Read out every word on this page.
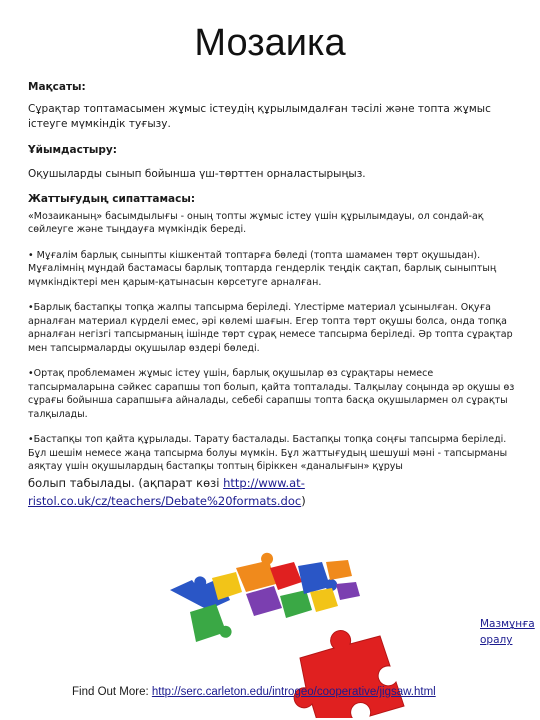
Мозаика
Мақсаты:
Сұрақтар топтамасымен жұмыс істеудің құрылымдалған тәсілі және топта жұмыс істеуге мүмкіндік туғызу.
Ұйымдастыру:
Оқушыларды сынып бойынша үш-төрттен орналастырыңыз.
Жаттығудың сипаттамасы:
«Мозаиканың» басымдылығы - оның топты жұмыс істеу үшін құрылымдауы, ол сондай-ақ сөйлеуге және тыңдауға мүмкіндік береді.
• Мұғалім барлық сыныпты кішкентай топтарға бөледі (топта шамамен төрт оқушыдан). Мұғалімнің мұндай бастамасы барлық топтарда гендерлік теңдік сақтап, барлық сыныптың мүмкіндіктері мен қарым-қатынасын көрсетуге арналған.
•Барлық бастапқы топқа жалпы тапсырма беріледі. Үлестірме материал ұсынылған. Оқуға арналған материал күрделі емес, әрі көлемі шағын. Егер топта төрт оқушы болса, онда топқа арналған негізгі тапсырманың ішінде төрт сұрақ немесе тапсырма беріледі. Әр топта сұрақтар мен тапсырмаларды оқушылар өздері бөледі.
•Ортақ проблемамен жұмыс істеу үшін, барлық оқушылар өз сұрақтары немесе тапсырмаларына сәйкес сарапшы топ болып, қайта топталады. Талқылау соңында әр оқушы өз сұрағы бойынша сарапшыға айналады, себебі сарапшы топта басқа оқушылармен ол сұрақты талқылады.
•Бастапқы топ қайта құрылады. Тарату басталады. Бастапқы топқа соңғы тапсырма беріледі. Бұл шешім немесе жаңа тапсырма болуы мүмкін. Бұл жаттығудың шешуші мәні - тапсырманы аяқтау үшін оқушылардың бастапқы топтың біріккен «даналығын» құруы
болып табылады. (ақпарат көзі http://www.at-ristol.co.uk/cz/teachers/Debate%20formats.doc)
Мазмұнға оралу
Find Out More: http://serc.carleton.edu/introgeo/cooperative/jigsaw.html
